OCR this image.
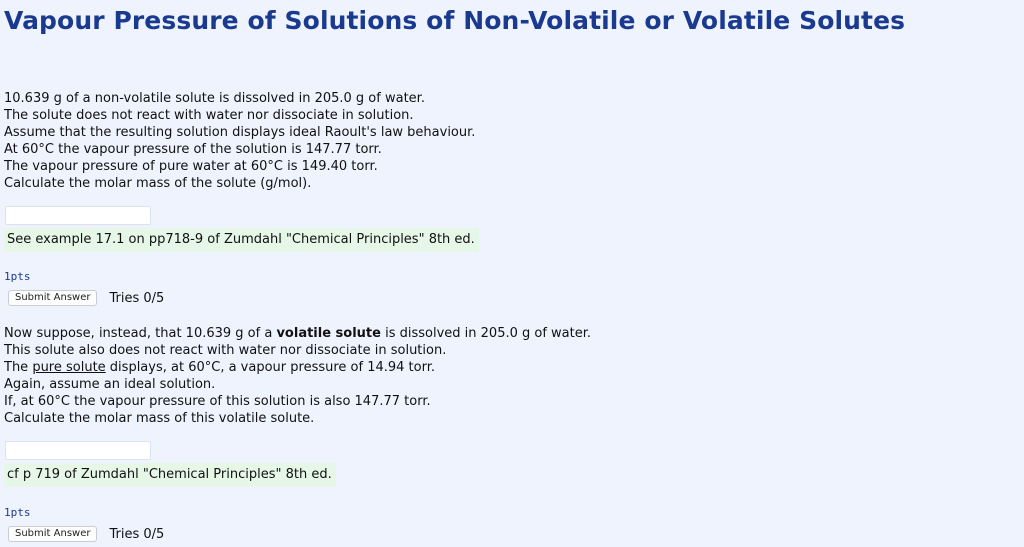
Vapour Pressure of Solutions of Non-Volatile or Volatile Solutes
10.639 g of a non-volatile solute is dissolved in 205.0 g of water.
The solute does not react with water nor dissociate in solution.
Assume that the resulting solution displays ideal Raoult's law behaviour.
At 60°C the vapour pressure of the solution is 147.77 torr.
The vapour pressure of pure water at 60°C is 149.40 torr.
Calculate the molar mass of the solute (g/mol).
See example 17.1 on pp718-9 of Zumdahl "Chemical Principles" 8th ed.
1pts
Submit Answer	Tries 0/5
Now suppose, instead, that 10.639 g of a volatile solute is dissolved in 205.0 g of water.
This solute also does not react with water nor dissociate in solution.
The pure solute displays, at 60°C, a vapour pressure of 14.94 torr.
Again, assume an ideal solution.
If, at 60°C the vapour pressure of this solution is also 147.77 torr.
Calculate the molar mass of this volatile solute.
cf p 719 of Zumdahl "Chemical Principles" 8th ed.
1pts
Submit Answer	Tries 0/5
